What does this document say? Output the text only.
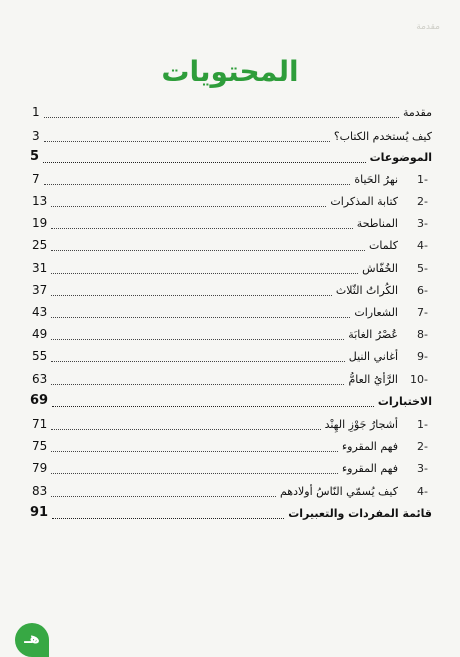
مقدمة
المحتويات
مقدمة
1
كيف يُستخدم الكتاب؟
3
الموضوعات
5
-1
نهرُ الحَياة
7
-2
كتابة المذكرات
13
-3
المناطحة
19
-4
كلمات
25
-5
الخُفّاش
31
-6
الكُراتُ الثّلاث
37
-7
الشعارات
43
-8
عُصْرُ الغابَة
49
-9
أغاني النيل
55
-10
الرَّأيُ العامُّ
63
الاختبارات
69
-1
أشجارُ جَوْزِ الهِنْد
71
-2
فهم المقروء
75
-3
فهم المقروء
79
-4
كيف يُسمّي النّاسُ أولادهم
83
قائمة المفردات والتعبيرات
91
هـ
